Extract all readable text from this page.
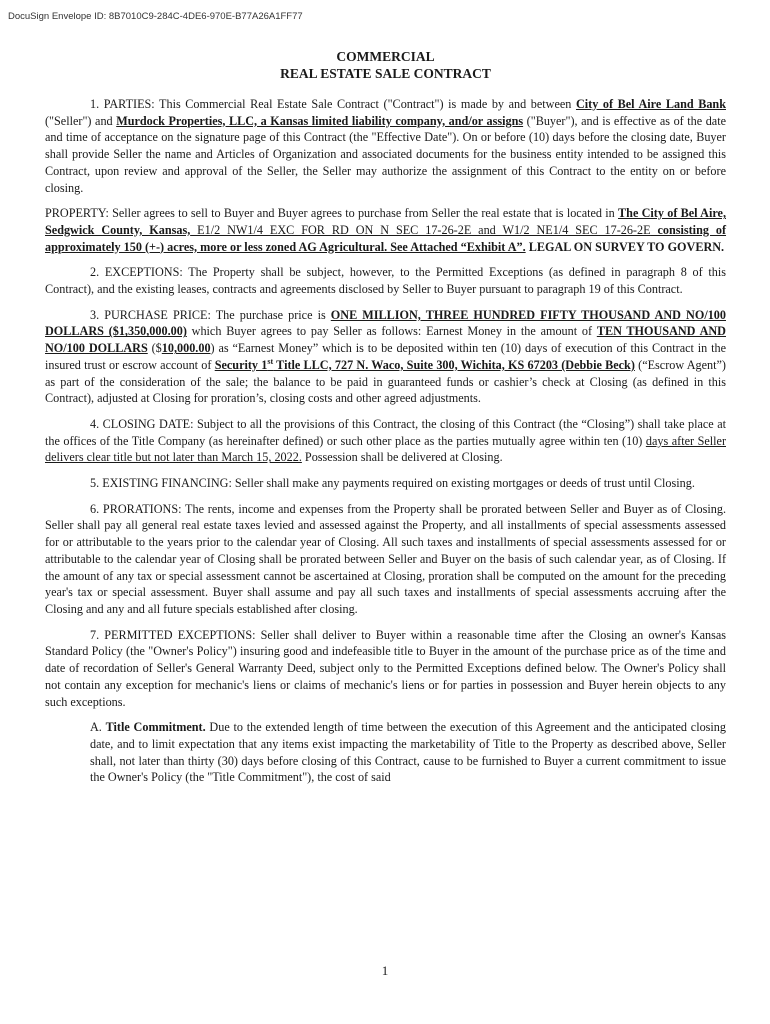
DocuSign Envelope ID: 8B7010C9-284C-4DE6-970E-B77A26A1FF77
COMMERCIAL
REAL ESTATE SALE CONTRACT

1. PARTIES: This Commercial Real Estate Sale Contract ("Contract") is made by and between City of Bel Aire Land Bank ("Seller") and Murdock Properties, LLC, a Kansas limited liability company, and/or assigns ("Buyer"), and is effective as of the date and time of acceptance on the signature page of this Contract (the "Effective Date"). On or before (10) days before the closing date, Buyer shall provide Seller the name and Articles of Organization and associated documents for the business entity intended to be assigned this Contract, upon review and approval of the Seller, the Seller may authorize the assignment of this Contract to the entity on or before closing.

PROPERTY: Seller agrees to sell to Buyer and Buyer agrees to purchase from Seller the real estate that is located in The City of Bel Aire, Sedgwick County, Kansas, E1/2 NW1/4 EXC FOR RD ON N SEC 17-26-2E and W1/2 NE1/4 SEC 17-26-2E consisting of approximately 150 (+-) acres, more or less zoned AG Agricultural. See Attached “Exhibit A”. LEGAL ON SURVEY TO GOVERN.

2. EXCEPTIONS: The Property shall be subject, however, to the Permitted Exceptions (as defined in paragraph 8 of this Contract), and the existing leases, contracts and agreements disclosed by Seller to Buyer pursuant to paragraph 19 of this Contract.

3. PURCHASE PRICE: The purchase price is ONE MILLION, THREE HUNDRED FIFTY THOUSAND AND NO/100 DOLLARS ($1,350,000.00) which Buyer agrees to pay Seller as follows: Earnest Money in the amount of TEN THOUSAND AND NO/100 DOLLARS ($10,000.00) as “Earnest Money” which is to be deposited within ten (10) days of execution of this Contract in the insured trust or escrow account of Security 1st Title LLC, 727 N. Waco, Suite 300, Wichita, KS 67203 (Debbie Beck) (“Escrow Agent”) as part of the consideration of the sale; the balance to be paid in guaranteed funds or cashier’s check at Closing (as defined in this Contract), adjusted at Closing for proration’s, closing costs and other agreed adjustments.

4. CLOSING DATE: Subject to all the provisions of this Contract, the closing of this Contract (the “Closing”) shall take place at the offices of the Title Company (as hereinafter defined) or such other place as the parties mutually agree within ten (10) days after Seller delivers clear title but not later than March 15, 2022. Possession shall be delivered at Closing.

5. EXISTING FINANCING: Seller shall make any payments required on existing mortgages or deeds of trust until Closing.

6. PRORATIONS: The rents, income and expenses from the Property shall be prorated between Seller and Buyer as of Closing. Seller shall pay all general real estate taxes levied and assessed against the Property, and all installments of special assessments assessed for or attributable to the years prior to the calendar year of Closing. All such taxes and installments of special assessments assessed for or attributable to the calendar year of Closing shall be prorated between Seller and Buyer on the basis of such calendar year, as of Closing. If the amount of any tax or special assessment cannot be ascertained at Closing, proration shall be computed on the amount for the preceding year's tax or special assessment. Buyer shall assume and pay all such taxes and installments of special assessments accruing after the Closing and any and all future specials established after closing.

7. PERMITTED EXCEPTIONS: Seller shall deliver to Buyer within a reasonable time after the Closing an owner's Kansas Standard Policy (the "Owner's Policy") insuring good and indefeasible title to Buyer in the amount of the purchase price as of the time and date of recordation of Seller's General Warranty Deed, subject only to the Permitted Exceptions defined below. The Owner's Policy shall not contain any exception for mechanic's liens or claims of mechanic's liens or for parties in possession and Buyer herein objects to any such exceptions.

A. Title Commitment. Due to the extended length of time between the execution of this Agreement and the anticipated closing date, and to limit expectation that any items exist impacting the marketability of Title to the Property as described above, Seller shall, not later than thirty (30) days before closing of this Contract, cause to be furnished to Buyer a current commitment to issue the Owner's Policy (the "Title Commitment"), the cost of said

1
